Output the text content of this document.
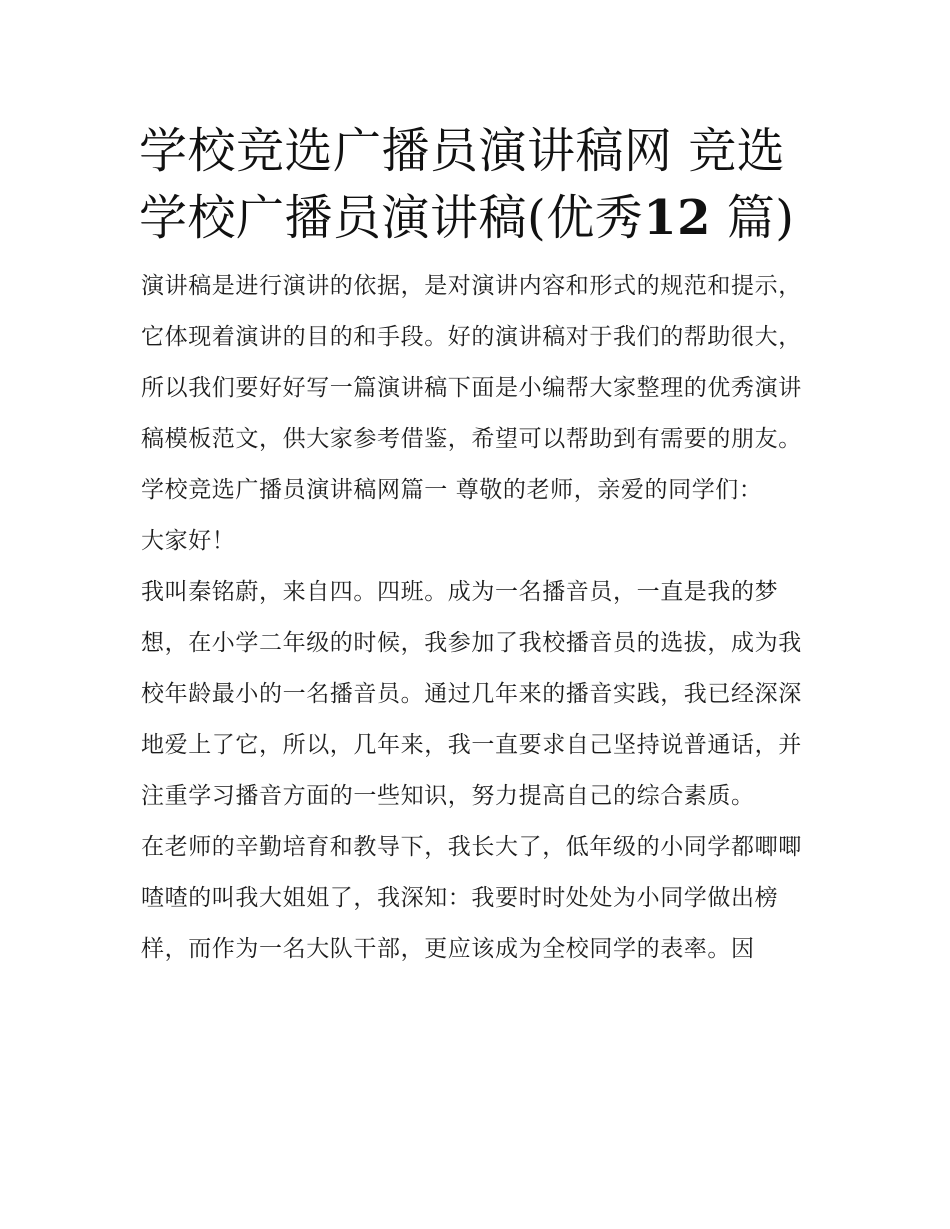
学校竞选广播员演讲稿网 竞选学校广播员演讲稿(优秀12 篇)

演讲稿是进行演讲的依据，是对演讲内容和形式的规范和提示，它体现着演讲的目的和手段。好的演讲稿对于我们的帮助很大，所以我们要好好写一篇演讲稿下面是小编帮大家整理的优秀演讲稿模板范文，供大家参考借鉴，希望可以帮助到有需要的朋友。

学校竞选广播员演讲稿网篇一 尊敬的老师，亲爱的同学们：

大家好！

我叫秦铭蔚，来自四。四班。成为一名播音员，一直是我的梦想，在小学二年级的时候，我参加了我校播音员的选拔，成为我校年龄最小的一名播音员。通过几年来的播音实践，我已经深深地爱上了它，所以，几年来，我一直要求自己坚持说普通话，并注重学习播音方面的一些知识，努力提高自己的综合素质。

在老师的辛勤培育和教导下，我长大了，低年级的小同学都唧唧喳喳的叫我大姐姐了，我深知：我要时时处处为小同学做出榜样，而作为一名大队干部，更应该成为全校同学的表率。因
